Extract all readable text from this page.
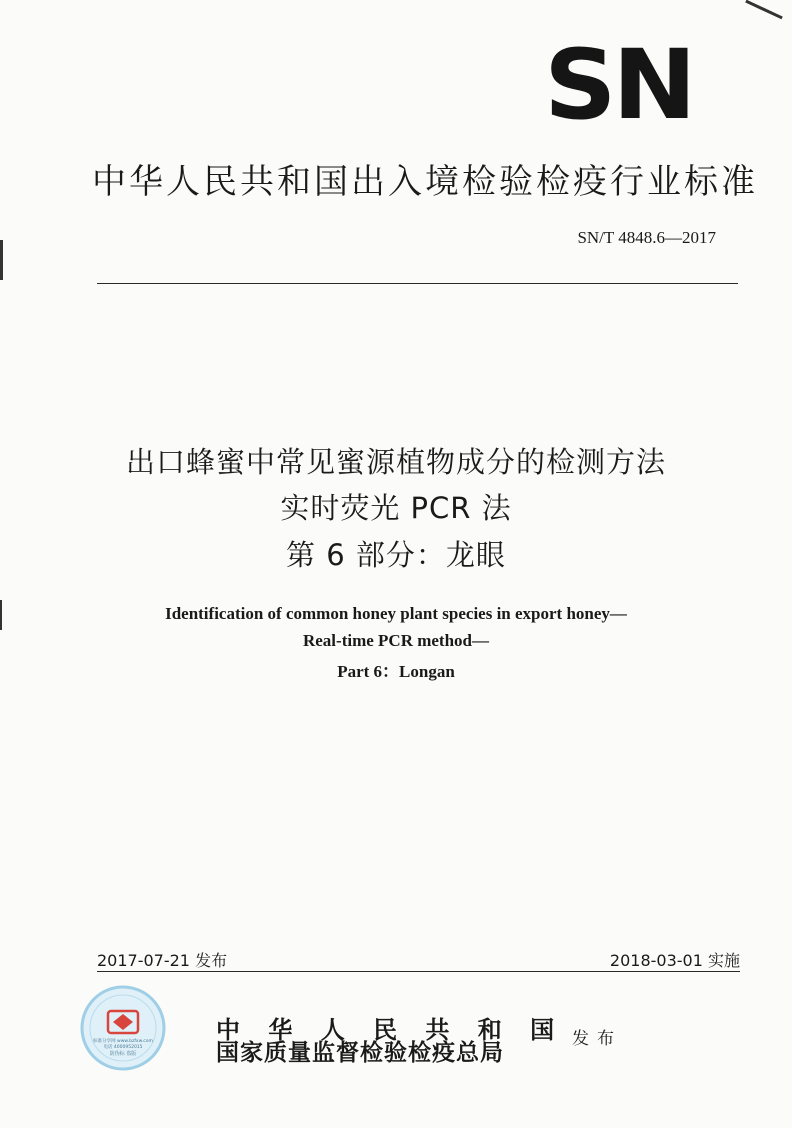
SN
中华人民共和国出入境检验检疫行业标准
SN/T 4848.6—2017
出口蜂蜜中常见蜜源植物成分的检测方法
实时荧光 PCR 法
第 6 部分：龙眼
Identification of common honey plant species in export honey—
Real-time PCR method—
Part 6：Longan
2017-07-21 发布	2018-03-01 实施
标准分享网 www.bzfxw.com
电话 4000952015
防伪标 盗版
中 华 人 民 共 和 国
国家质量监督检验检疫总局	发布
